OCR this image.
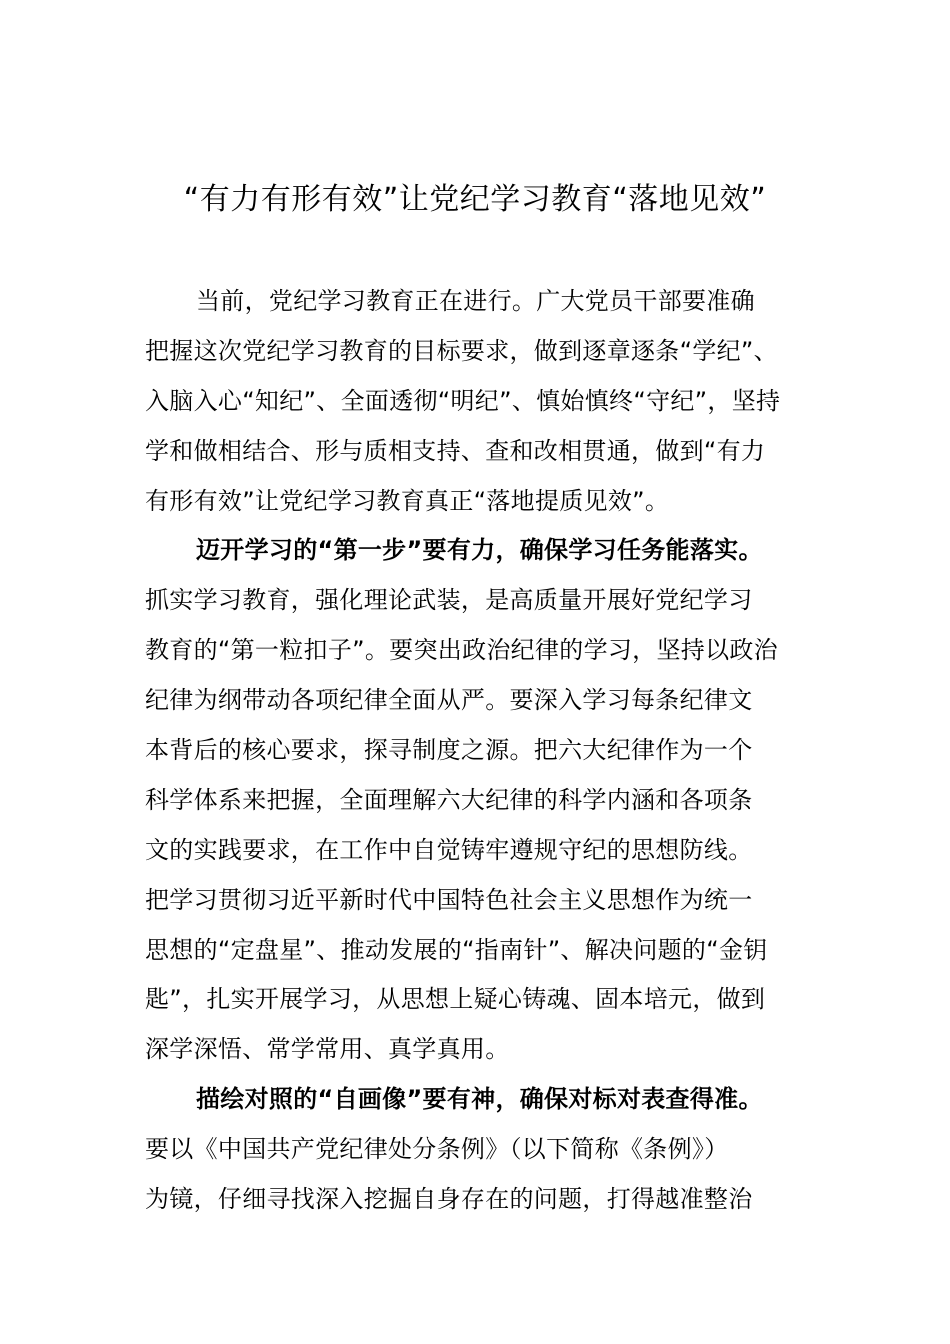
“有力有形有效”让党纪学习教育“落地见效”
当前，党纪学习教育正在进行。广大党员干部要准确
把握这次党纪学习教育的目标要求，做到逐章逐条“学纪”、
入脑入心“知纪”、全面透彻“明纪”、慎始慎终“守纪”，坚持
学和做相结合、形与质相支持、查和改相贯通，做到“有力
有形有效”让党纪学习教育真正“落地提质见效”。
迈开学习的“第一步”要有力，确保学习任务能落实。
抓实学习教育，强化理论武装，是高质量开展好党纪学习
教育的“第一粒扣子”。要突出政治纪律的学习，坚持以政治
纪律为纲带动各项纪律全面从严。要深入学习每条纪律文
本背后的核心要求，探寻制度之源。把六大纪律作为一个
科学体系来把握，全面理解六大纪律的科学内涵和各项条
文的实践要求，在工作中自觉铸牢遵规守纪的思想防线。
把学习贯彻习近平新时代中国特色社会主义思想作为统一
思想的“定盘星”、推动发展的“指南针”、解决问题的“金钥
匙”，扎实开展学习，从思想上疑心铸魂、固本培元，做到
深学深悟、常学常用、真学真用。
描绘对照的“自画像”要有神，确保对标对表查得准。
要以《中国共产党纪律处分条例》（以下简称《条例》）
为镜，仔细寻找深入挖掘自身存在的问题，打得越准整治
